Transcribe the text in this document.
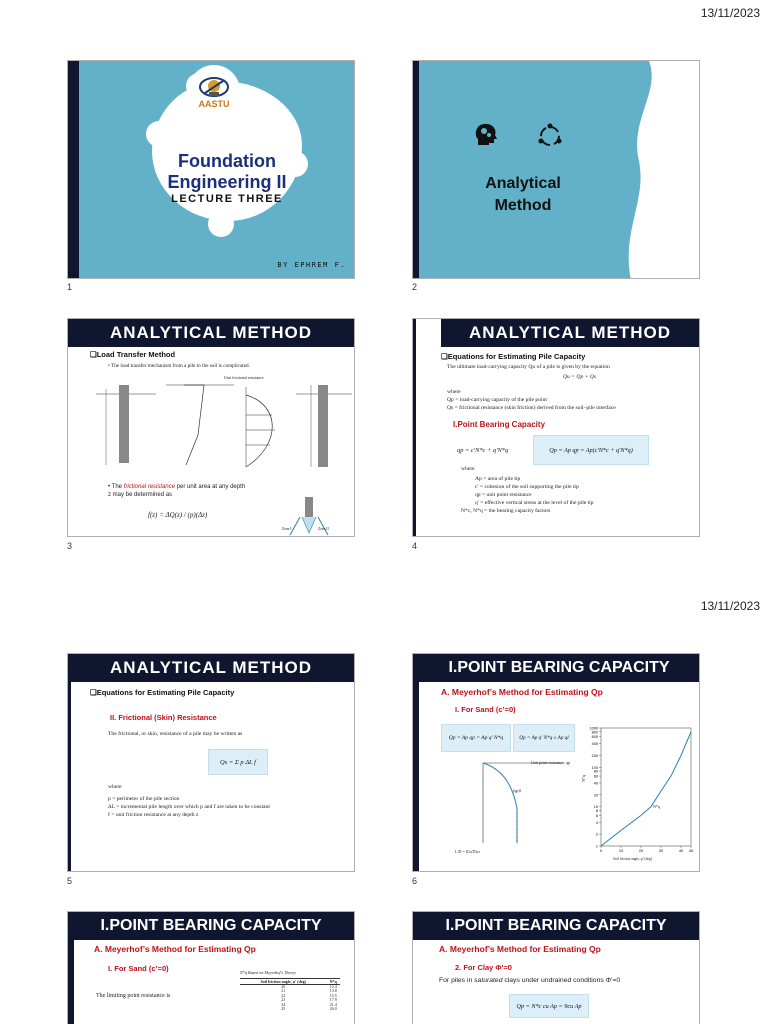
13/11/2023
13/11/2023
AASTU
Foundation
Engineering II
LECTURE THREE
BY EPHREM F.
1
Analytical
Method
2
ANALYTICAL METHOD
❏Load Transfer Method
• The load transfer mechanism from a pile to the soil is complicated.
Unit frictional resistance
• The frictional resistance per unit area at any depth z may be determined as
f(z) = ΔQ(z) / (p)(Δz)
Zone I	Zone II
3
ANALYTICAL METHOD
❏Equations for Estimating Pile Capacity
The ultimate load-carrying capacity Qu of a pile is given by the equation
Qu = Qp + Qs
where
Qp = load-carrying capacity of the pile point
Qs = frictional resistance (skin friction) derived from the soil–pile interface
I.Point Bearing Capacity
qp = c'N*c + q'N*q	Qp = Ap qp = Ap(c'N*c + q'N*q)
where
Ap = area of pile tip
c' = cohesion of the soil supporting the pile tip
qp = unit point resistance
q' = effective vertical stress at the level of the pile tip
N*c, N*q = the bearing capacity factors
4
ANALYTICAL METHOD
❏Equations for Estimating Pile Capacity
II. Frictional (Skin) Resistance
The frictional, or skin, resistance of a pile may be written as
Qs = Σ p ΔL f
where
p = perimeter of the pile section
ΔL = incremental pile length over which p and f are taken to be constant
f = unit friction resistance at any depth z
5
I.POINT BEARING CAPACITY
A. Meyerhof’s Method for Estimating Qp
I. For Sand (c’=0)
Qp = Ap qp = Ap q' N*q	Qp = Ap q' N*q ≤ Ap ql
Unit point resistance, qp
(qp)l
L/D = (Lb/D)cr
1
2
4
6
8
10
20
40
60
80
100
200
400
600
800
1000
0	10	20	30	40 45
Soil friction angle, φ' (deg)
N*q
N*q
6
I.POINT BEARING CAPACITY
A. Meyerhof’s Method for Estimating Qp
I. For Sand (c’=0)
The limiting point resistance is
N*q Based on Meyerhof's Theory
Soil friction angle, φ' (deg)	N*q
20	12.4
21	13.8
22	15.5
23	17.9
24	21.4
25	26.0
I.POINT BEARING CAPACITY
A. Meyerhof’s Method for Estimating Qp
2. For Clay Φ'=0
For piles in saturated clays under undrained conditions Φ'=0
Qp = N*c cu Ap = 9cu Ap
